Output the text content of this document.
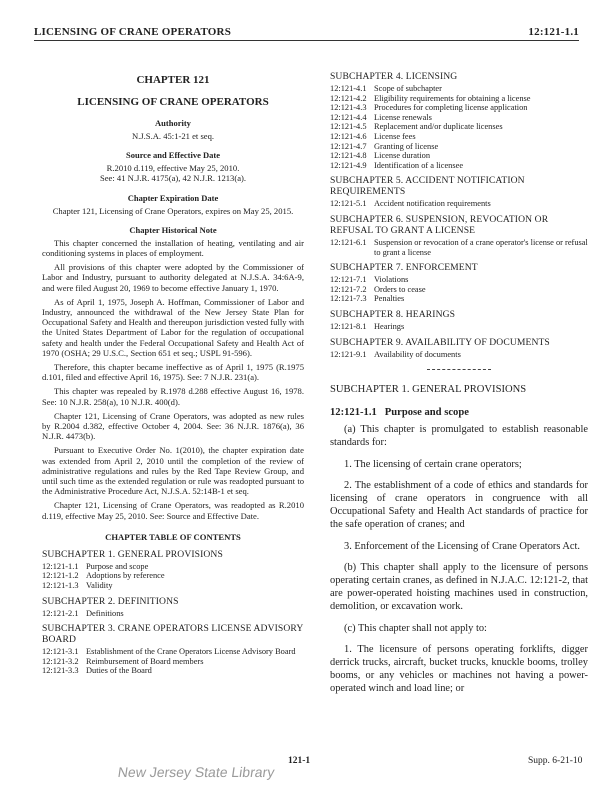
LICENSING OF CRANE OPERATORS	12:121-1.1
CHAPTER 121
LICENSING OF CRANE OPERATORS
Authority
N.J.S.A. 45:1-21 et seq.
Source and Effective Date
R.2010 d.119, effective May 25, 2010.
See: 41 N.J.R. 4175(a), 42 N.J.R. 1213(a).
Chapter Expiration Date
Chapter 121, Licensing of Crane Operators, expires on May 25, 2015.
Chapter Historical Note

This chapter concerned the installation of heating, ventilating and air conditioning systems in places of employment.

All provisions of this chapter were adopted by the Commissioner of Labor and Industry, pursuant to authority delegated at N.J.S.A. 34:6A-9, and were filed August 20, 1969 to become effective January 1, 1970.

As of April 1, 1975, Joseph A. Hoffman, Commissioner of Labor and Industry, announced the withdrawal of the New Jersey State Plan for Occupational Safety and Health and thereupon jurisdiction vested fully with the United States Department of Labor for the regulation of occupational safety and health under the Federal Occupational Safety and Health Act of 1970 (OSHA; 29 U.S.C., Section 651 et seq.; USPL 91-596).

Therefore, this chapter became ineffective as of April 1, 1975 (R.1975 d.101, filed and effective April 16, 1975). See: 7 N.J.R. 231(a).

This chapter was repealed by R.1978 d.288 effective August 16, 1978. See: 10 N.J.R. 258(a), 10 N.J.R. 400(d).

Chapter 121, Licensing of Crane Operators, was adopted as new rules by R.2004 d.382, effective October 4, 2004. See: 36 N.J.R. 1876(a), 36 N.J.R. 4473(b).

Pursuant to Executive Order No. 1(2010), the chapter expiration date was extended from April 2, 2010 until the completion of the review of administrative regulations and rules by the Red Tape Review Group, and until such time as the extended regulation or rule was readopted pursuant to the Administrative Procedure Act, N.J.S.A. 52:14B-1 et seq.

Chapter 121, Licensing of Crane Operators, was readopted as R.2010 d.119, effective May 25, 2010. See: Source and Effective Date.

CHAPTER TABLE OF CONTENTS
SUBCHAPTER 1. GENERAL PROVISIONS
12:121-1.1 Purpose and scope
12:121-1.2 Adoptions by reference
12:121-1.3 Validity
SUBCHAPTER 2. DEFINITIONS
12:121-2.1 Definitions
SUBCHAPTER 3. CRANE OPERATORS LICENSE ADVISORY BOARD
12:121-3.1 Establishment of the Crane Operators License Advisory Board
12:121-3.2 Reimbursement of Board members
12:121-3.3 Duties of the Board
SUBCHAPTER 4. LICENSING
12:121-4.1 Scope of subchapter
12:121-4.2 Eligibility requirements for obtaining a license
12:121-4.3 Procedures for completing license application
12:121-4.4 License renewals
12:121-4.5 Replacement and/or duplicate licenses
12:121-4.6 License fees
12:121-4.7 Granting of license
12:121-4.8 License duration
12:121-4.9 Identification of a licensee
SUBCHAPTER 5. ACCIDENT NOTIFICATION REQUIREMENTS
12:121-5.1 Accident notification requirements
SUBCHAPTER 6. SUSPENSION, REVOCATION OR REFUSAL TO GRANT A LICENSE
12:121-6.1 Suspension or revocation of a crane operator's license or refusal to grant a license
SUBCHAPTER 7. ENFORCEMENT
12:121-7.1 Violations
12:121-7.2 Orders to cease
12:121-7.3 Penalties
SUBCHAPTER 8. HEARINGS
12:121-8.1 Hearings
SUBCHAPTER 9. AVAILABILITY OF DOCUMENTS
12:121-9.1 Availability of documents
SUBCHAPTER 1. GENERAL PROVISIONS
12:121-1.1 Purpose and scope

(a) This chapter is promulgated to establish reasonable standards for:

1. The licensing of certain crane operators;

2. The establishment of a code of ethics and standards for licensing of crane operators in congruence with all Occupational Safety and Health Act standards of practice for the safe operation of cranes; and

3. Enforcement of the Licensing of Crane Operators Act.

(b) This chapter shall apply to the licensure of persons operating certain cranes, as defined in N.J.A.C. 12:121-2, that are power-operated hoisting machines used in construction, demolition, or excavation work.

(c) This chapter shall not apply to:

1. The licensure of persons operating forklifts, digger derrick trucks, aircraft, bucket trucks, knuckle booms, trolley booms, or any vehicles or machines not having a power-operated winch and load line; or

New Jersey State Library
121-1	Supp. 6-21-10
